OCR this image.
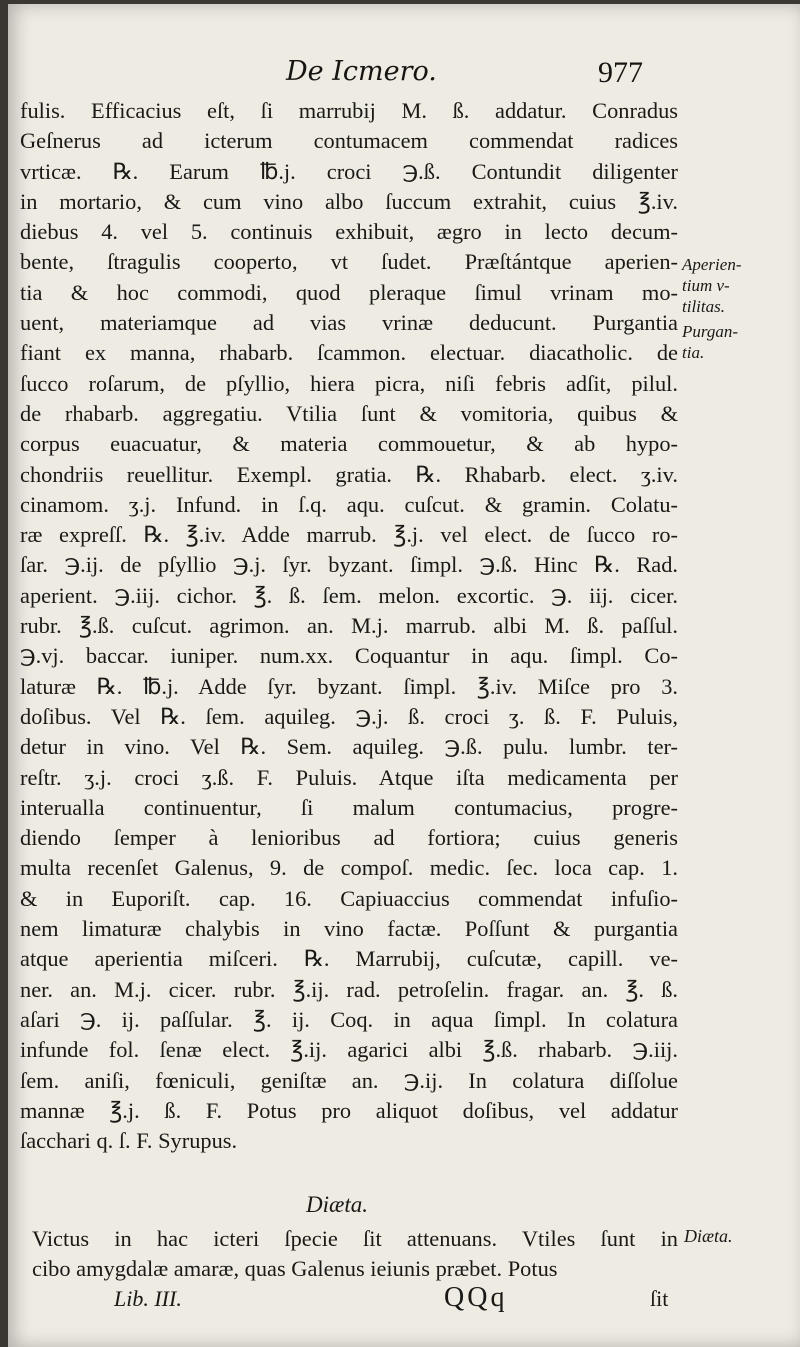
De Icтero.	977
fulis. Efficacius eſt, ſi marrubij M. ß. addatur. Conradus
Geſnerus ad icterum contumacem commendat radices
vrticæ. ℞. Earum ℔.j. croci ℈.ß. Contundit diligenter
in mortario, & cum vino albo ſuccum extrahit, cuius ℥.iv.
diebus 4. vel 5. continuis exhibuit, ægro in lecto decum-
bente, ſtragulis cooperto, vt ſudet. Præſtántque aperien-
tia & hoc commodi, quod pleraque ſimul vrinam mo-
uent, materiamque ad vias vrinæ deducunt. Purgantia
fiant ex manna, rhabarb. ſcammon. electuar. diacatholic. de
ſucco roſarum, de pſyllio, hiera picra, niſi febris adſit, pilul.
de rhabarb. aggregatiu. Vtilia ſunt & vomitoria, quibus &
corpus euacuatur, & materia commouetur, & ab hypo-
chondriis reuellitur. Exempl. gratia. ℞. Rhabarb. elect. ʒ.iv.
cinamom. ʒ.j. Infund. in ſ.q. aqu. cuſcut. & gramin. Colatu-
ræ expreſſ. ℞. ℥.iv. Adde marrub. ℥.j. vel elect. de ſucco ro-
ſar. ℈.ij. de pſyllio ℈.j. ſyr. byzant. ſimpl. ℈.ß. Hinc ℞. Rad.
aperient. ℈.iij. cichor. ℥. ß. ſem. melon. excortic. ℈. iij. cicer.
rubr. ℥.ß. cuſcut. agrimon. an. M.j. marrub. albi M. ß. paſſul.
℈.vj. baccar. iuniper. num.xx. Coquantur in aqu. ſimpl. Co-
laturæ ℞. ℔.j. Adde ſyr. byzant. ſimpl. ℥.iv. Miſce pro 3.
doſibus. Vel ℞. ſem. aquileg. ℈.j. ß. croci ʒ. ß. F. Puluis,
detur in vino. Vel ℞. Sem. aquileg. ℈.ß. pulu. lumbr. ter-
reſtr. ʒ.j. croci ʒ.ß. F. Puluis. Atque iſta medicamenta per
interualla continuentur, ſi malum contumacius, progre-
diendo ſemper à lenioribus ad fortiora; cuius generis
multa recenſet Galenus, 9. de compoſ. medic. ſec. loca cap. 1.
& in Euporiſt. cap. 16. Capiuaccius commendat infuſio-
nem limaturæ chalybis in vino factæ. Poſſunt & purgantia
atque aperientia miſceri. ℞. Marrubij, cuſcutæ, capill. ve-
ner. an. M.j. cicer. rubr. ℥.ij. rad. petroſelin. fragar. an. ℥. ß.
aſari ℈. ij. paſſular. ℥. ij. Coq. in aqua ſimpl. In colatura
infunde fol. ſenæ elect. ℥.ij. agarici albi ℥.ß. rhabarb. ℈.iij.
ſem. aniſi, fœniculi, geniſtæ an. ℈.ij. In colatura diſſolue
mannæ ℥.j. ß. F. Potus pro aliquot doſibus, vel addatur
ſacchari q. ſ. F. Syrupus.
Aperien-
tium v-
tilitas.
Purgan-
tia.
Diæta.
Victus in hac icteri ſpecie ſit attenuans. Vtiles ſunt in
cibo amygdalæ amaræ, quas Galenus ieiunis præbet. Potus
Diæta.
Lib. III.	QQq	ſit
